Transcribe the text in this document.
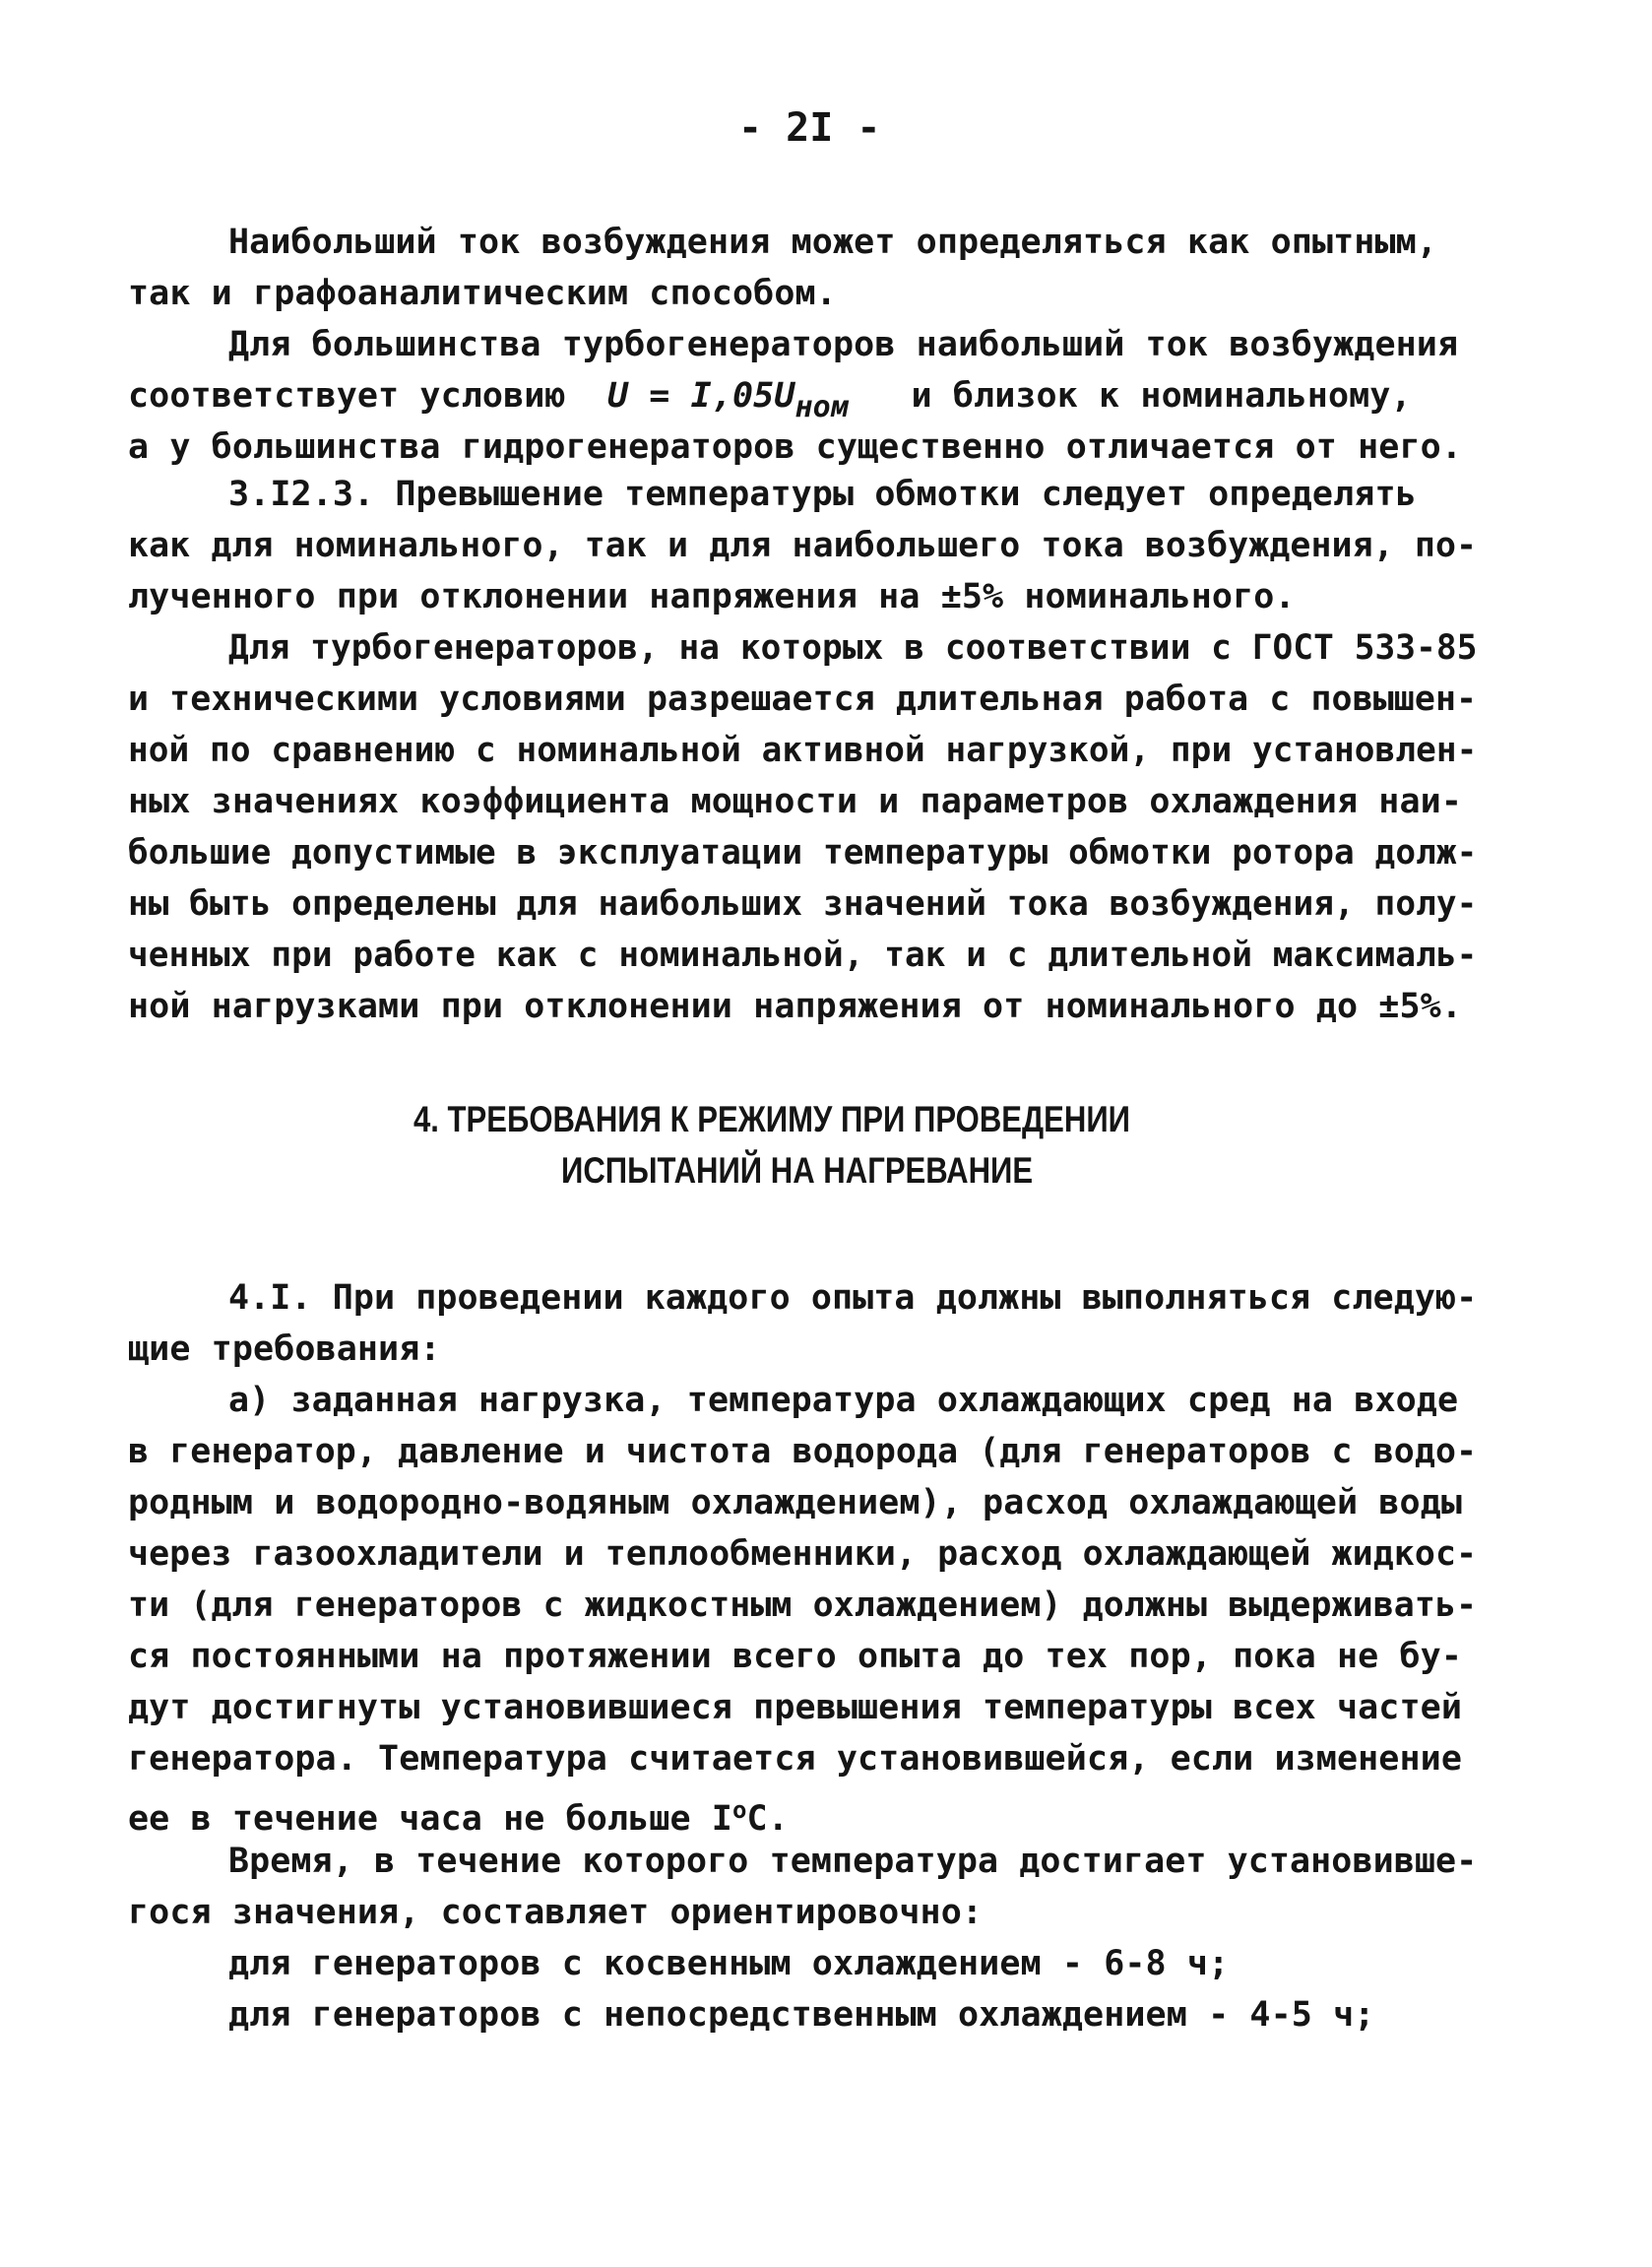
- 2I -
Наибольший ток возбуждения может определяться как опытным,
так и графоаналитическим способом.
Для большинства турбогенераторов наибольший ток возбуждения
соответствует условию U = I,05Uном и близок к номинальному,
а у большинства гидрогенераторов существенно отличается от него.
3.I2.3. Превышение температуры обмотки следует определять
как для номинального, так и для наибольшего тока возбуждения, по-
лученного при отклонении напряжения на ±5% номинального.
Для турбогенераторов, на которых в соответствии с ГОСТ 533-85
и техническими условиями разрешается длительная работа с повышен-
ной по сравнению с номинальной активной нагрузкой, при установлен-
ных значениях коэффициента мощности и параметров охлаждения наи-
большие допустимые в эксплуатации температуры обмотки ротора долж-
ны быть определены для наибольших значений тока возбуждения, полу-
ченных при работе как с номинальной, так и с длительной максималь-
ной нагрузками при отклонении напряжения от номинального до ±5%.
4. ТРЕБОВАНИЯ К РЕЖИМУ ПРИ ПРОВЕДЕНИИ
ИСПЫТАНИЙ НА НАГРЕВАНИЕ
4.I. При проведении каждого опыта должны выполняться следую-
щие требования:
а) заданная нагрузка, температура охлаждающих сред на входе
в генератор, давление и чистота водорода (для генераторов с водо-
родным и водородно-водяным охлаждением), расход охлаждающей воды
через газоохладители и теплообменники, расход охлаждающей жидкос-
ти (для генераторов с жидкостным охлаждением) должны выдерживать-
ся постоянными на протяжении всего опыта до тех пор, пока не бу-
дут достигнуты установившиеся превышения температуры всех частей
генератора. Температура считается установившейся, если изменение
ее в течение часа не больше $I^оС$.
Время, в течение которого температура достигает установивше-
гося значения, составляет ориентировочно:
для генераторов с косвенным охлаждением - 6-8 ч;
для генераторов с непосредственным охлаждением - 4-5 ч;
